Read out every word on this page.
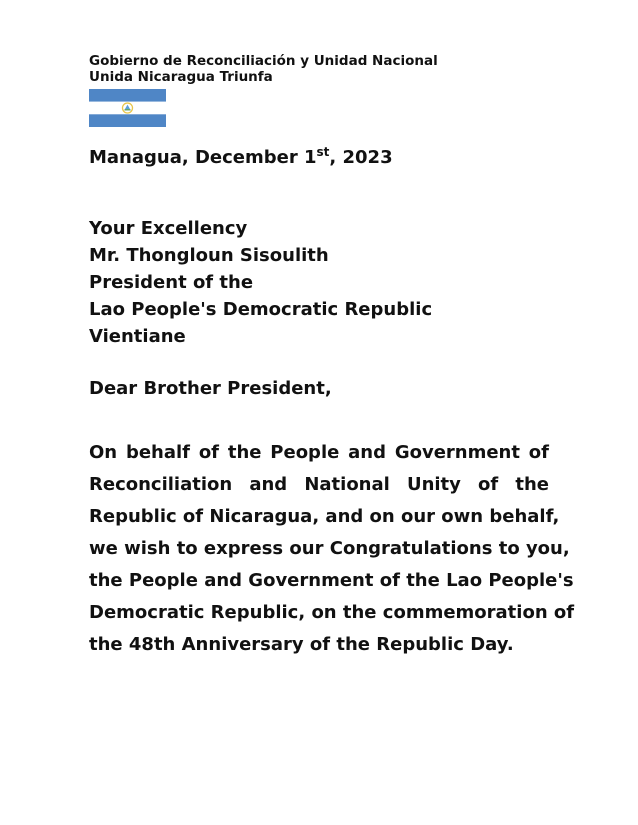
Gobierno de Reconciliación y Unidad Nacional
Unida Nicaragua Triunfa
Managua, December 1st, 2023
Your Excellency
Mr. Thongloun Sisoulith
President of the
Lao People's Democratic Republic
Vientiane
Dear Brother President,
On behalf of the People and Government of
Reconciliation and National Unity of the
Republic of Nicaragua, and on our own behalf,
we wish to express our Congratulations to you,
the People and Government of the Lao People's
Democratic Republic, on the commemoration of
the 48th Anniversary of the Republic Day.
